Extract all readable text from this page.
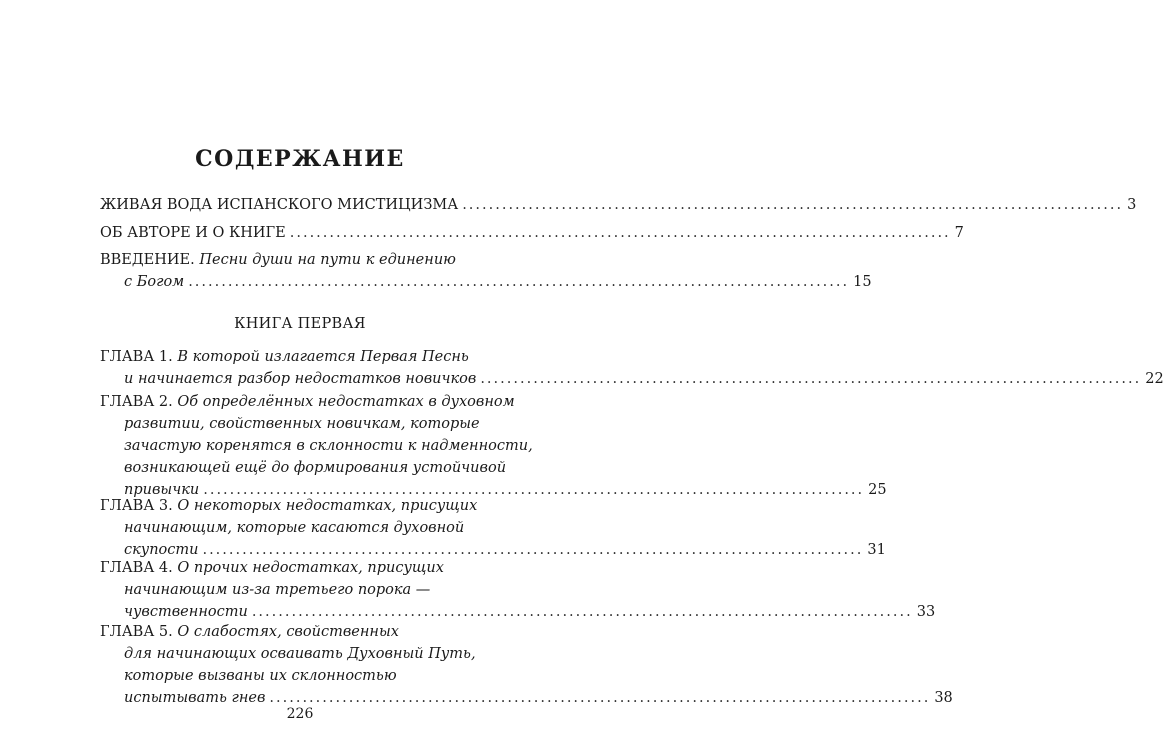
СОДЕРЖАНИЕ
ЖИВАЯ ВОДА ИСПАНСКОГО МИСТИЦИЗМА .................................................................................................... 3
ОБ АВТОРЕ И О КНИГЕ .................................................................................................... 7
ВВЕДЕНИЕ. Песни души на пути к единению
с Богом .................................................................................................... 15
КНИГА ПЕРВАЯ
ГЛАВА 1. В которой излагается Первая Песнь
и начинается разбор недостатков новичков .................................................................................................... 22
ГЛАВА 2. Об определённых недостатках в духовном
развитии, свойственных новичкам, которые
зачастую коренятся в склонности к надменности,
возникающей ещё до формирования устойчивой
привычки .................................................................................................... 25
ГЛАВА 3. О некоторых недостатках, присущих
начинающим, которые касаются духовной
скупости .................................................................................................... 31
ГЛАВА 4. О прочих недостатках, присущих
начинающим из-за третьего порока —
чувственности .................................................................................................... 33
ГЛАВА 5. О слабостях, свойственных
для начинающих осваивать Духовный Путь,
которые вызваны их склонностью
испытывать гнев .................................................................................................... 38
226
